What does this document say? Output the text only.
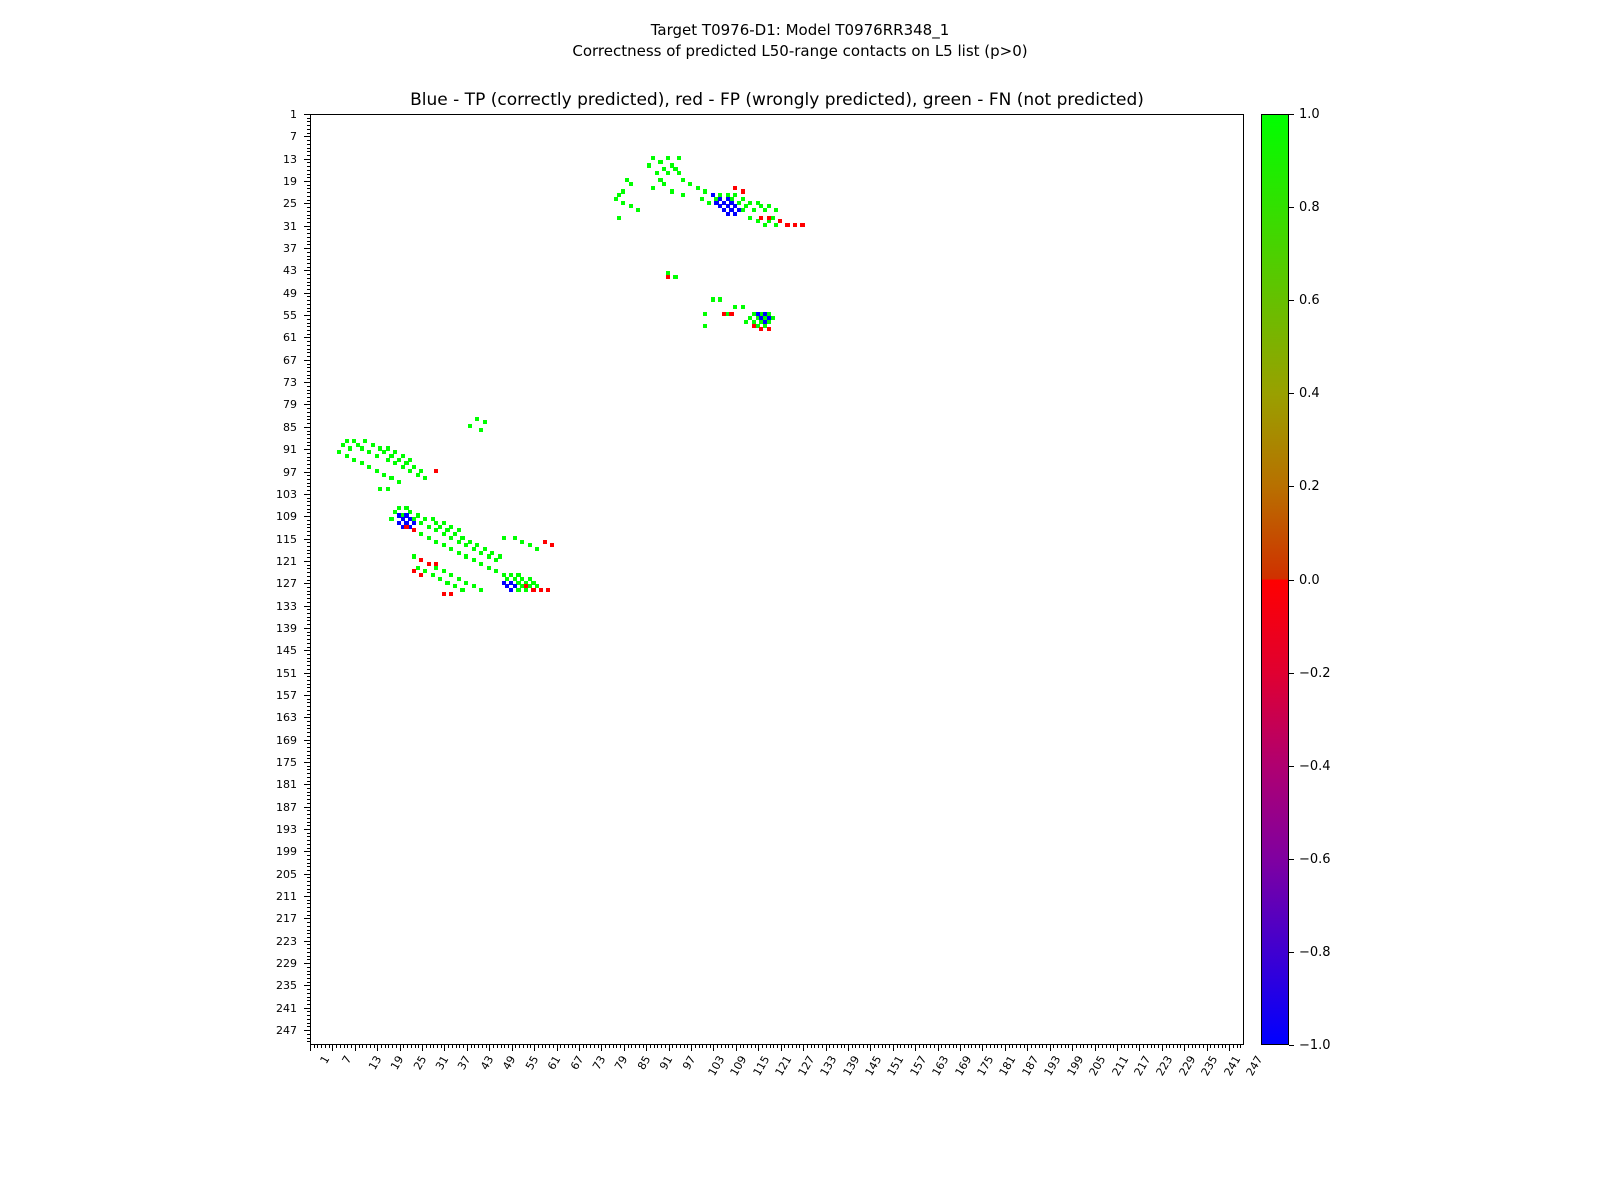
Target T0976-D1: Model T0976RR348_1
Correctness of predicted L50-range contacts on L5 list (p>0)
Blue - TP (correctly predicted), red - FP (wrongly predicted), green - FN (not predicted)
1
7
13
19
25
31
37
43
49
55
61
67
73
79
85
91
97
103
109
115
121
127
133
139
145
151
157
163
169
175
181
187
193
199
205
211
217
223
229
235
241
247
1 7 13 19 25 31 37 43 49 55 61 67 73 79 85 91 97 103 109 115 121 127 133 139 145 151 157 163 169 175 181 187 193 199 205 211 217 223 229 235 241 247
1.0
0.8
0.6
0.4
0.2
0.0
−0.2
−0.4
−0.6
−0.8
−1.0
